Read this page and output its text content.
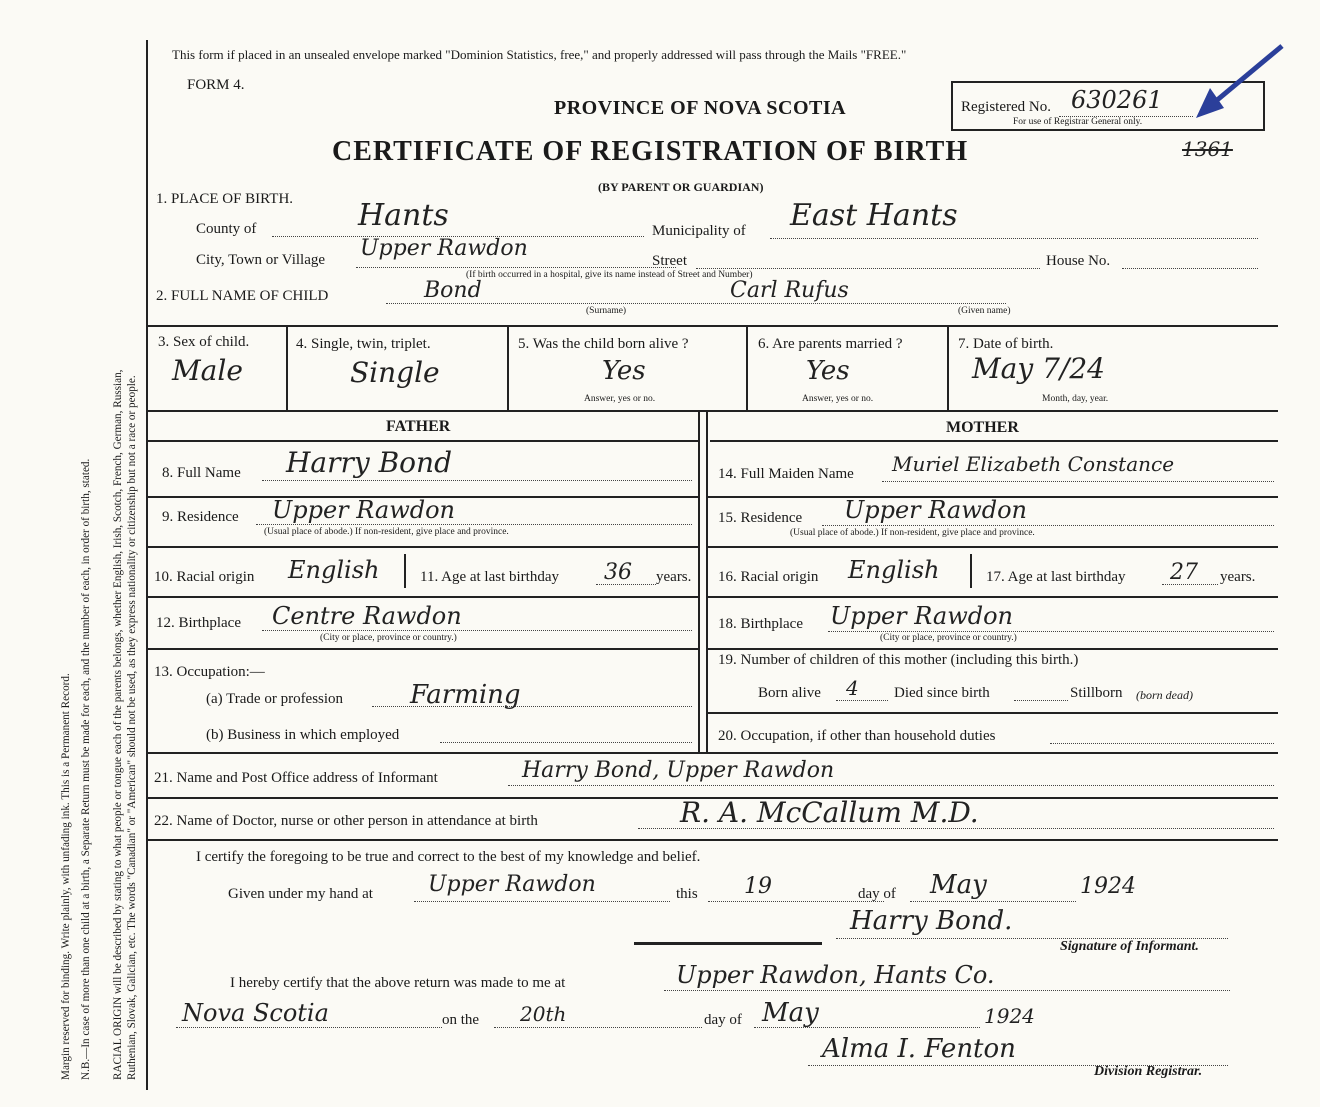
Margin reserved for binding. Write plainly, with unfading ink. This is a Permanent Record. N.B.—In case of more than one child at a birth, a Separate Return must be made for each, and the number of each, in order of birth, stated. RACIAL ORIGIN will be described by stating to what people or tongue each of the parents belongs, whether English, Irish, Scotch, French, German, Russian, Ruthenian, Slovak, Galician, etc. The words "Canadian" or "American" should not be used, as they express nationality or citizenship but not a race or people.
This form if placed in an unsealed envelope marked "Dominion Statistics, free," and properly addressed will pass through the Mails "FREE."
FORM 4.
PROVINCE OF NOVA SCOTIA	Registered No. 630261
For use of Registrar General only.
1361
CERTIFICATE OF REGISTRATION OF BIRTH
(BY PARENT OR GUARDIAN)
1. PLACE OF BIRTH.
County of	Hants	Municipality of East Hants
City, Town or Village Upper Rawdon	Street	House No.
(If birth occurred in a hospital, give its name instead of Street and Number)
2. FULL NAME OF CHILD	Bond	Carl Rufus
(Surname)	(Given name)
3. Sex of child.
Male
4. Single, twin, triplet.
Single
5. Was the child born alive ?
Yes
Answer, yes or no.
6. Are parents married ?
Yes
Answer, yes or no.
7. Date of birth.
May 7/24
Month, day, year.
FATHER	MOTHER
8. Full Name Harry Bond
9. Residence Upper Rawdon
(Usual place of abode.) If non-resident, give place and province.
10. Racial origin English	11. Age at last birthday 36 years.
12. Birthplace Centre Rawdon
(City or place, province or country.)
13. Occupation:—
(a) Trade or profession	Farming
(b) Business in which employed
14. Full Maiden Name Muriel Elizabeth Constance
15. Residence Upper Rawdon
(Usual place of abode.) If non-resident, give place and province.
16. Racial origin English	17. Age at last birthday 27 years.
18. Birthplace Upper Rawdon
(City or place, province or country.)
19. Number of children of this mother (including this birth.)
Born alive 4 Died since birth	Stillborn (born dead)
20. Occupation, if other than household duties
21. Name and Post Office address of Informant	Harry Bond, Upper Rawdon
22. Name of Doctor, nurse or other person in attendance at birth	R. A. McCallum M.D.
I certify the foregoing to be true and correct to the best of my knowledge and belief.
Given under my hand at	Upper Rawdon	this 19	day of May	1924
Harry Bond.
Signature of Informant.
I hereby certify that the above return was made to me at	Upper Rawdon, Hants Co.
Nova Scotia	on the 20th	day of May	1924
Alma I. Fenton
Division Registrar.
